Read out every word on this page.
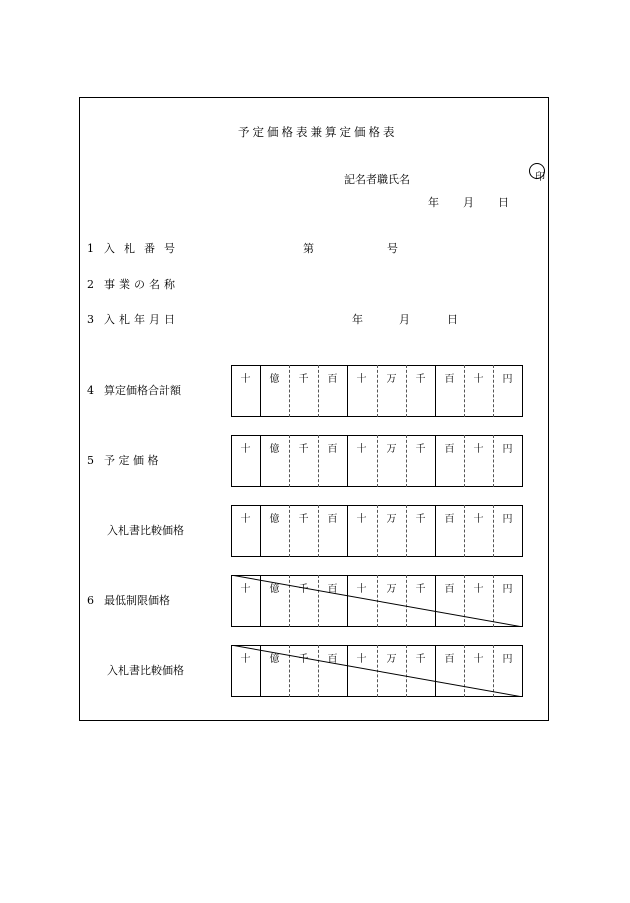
予定価格表兼算定価格表
記名者職氏名	印
年 月 日
1 入札番号	第	号
2 事業の名称
3 入札年月日	年	月	日
4 算定価格合計額
十	億	千	百	十	万	千	百	十	円
5 予 定 価 格
十	億	千	百	十	万	千	百	十	円
入札書比較価格
十	億	千	百	十	万	千	百	十	円
6 最低制限価格
十	億	千	百	十	万	千	百	十	円
入札書比較価格
十	億	千	百	十	万	千	百	十	円
